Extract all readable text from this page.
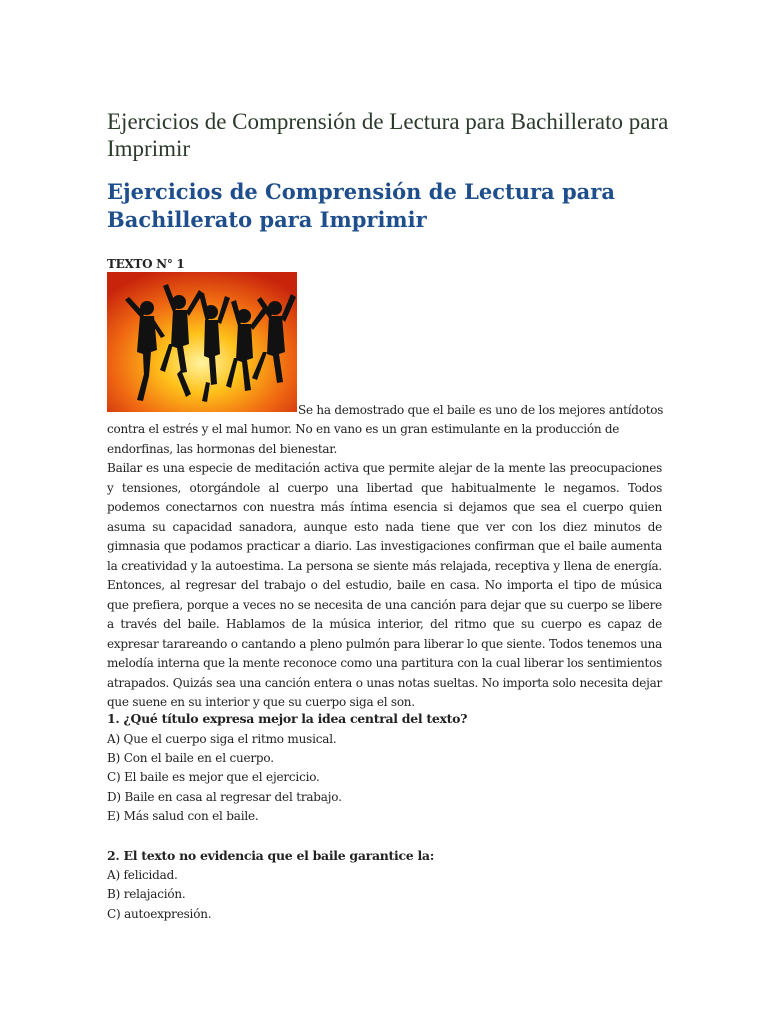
Ejercicios de Comprensión de Lectura para Bachillerato para Imprimir
Ejercicios de Comprensión de Lectura para Bachillerato para Imprimir
TEXTO N° 1
Se ha demostrado que el baile es uno de los mejores antídotos

contra el estrés y el mal humor. No en vano es un gran estimulante en la producción de endorfinas, las hormonas del bienestar.

Bailar es una especie de meditación activa que permite alejar de la mente las preocupaciones y tensiones, otorgándole al cuerpo una libertad que habitualmente le negamos. Todos podemos conectarnos con nuestra más íntima esencia si dejamos que sea el cuerpo quien asuma su capacidad sanadora, aunque esto nada tiene que ver con los diez minutos de gimnasia que podamos practicar a diario. Las investigaciones confirman que el baile aumenta la creatividad y la autoestima. La persona se siente más relajada, receptiva y llena de energía. Entonces, al regresar del trabajo o del estudio, baile en casa. No importa el tipo de música que prefiera, porque a veces no se necesita de una canción para dejar que su cuerpo se libere a través del baile. Hablamos de la música interior, del ritmo que su cuerpo es capaz de expresar tarareando o cantando a pleno pulmón para liberar lo que siente. Todos tenemos una melodía interna que la mente reconoce como una partitura con la cual liberar los sentimientos atrapados. Quizás sea una canción entera o unas notas sueltas. No importa solo necesita dejar que suene en su interior y que su cuerpo siga el son.

1. ¿Qué título expresa mejor la idea central del texto?
A) Que el cuerpo siga el ritmo musical.
B) Con el baile en el cuerpo.
C) El baile es mejor que el ejercicio.
D) Baile en casa al regresar del trabajo.
E) Más salud con el baile.
2. El texto no evidencia que el baile garantice la:
A) felicidad.
B) relajación.
C) autoexpresión.
